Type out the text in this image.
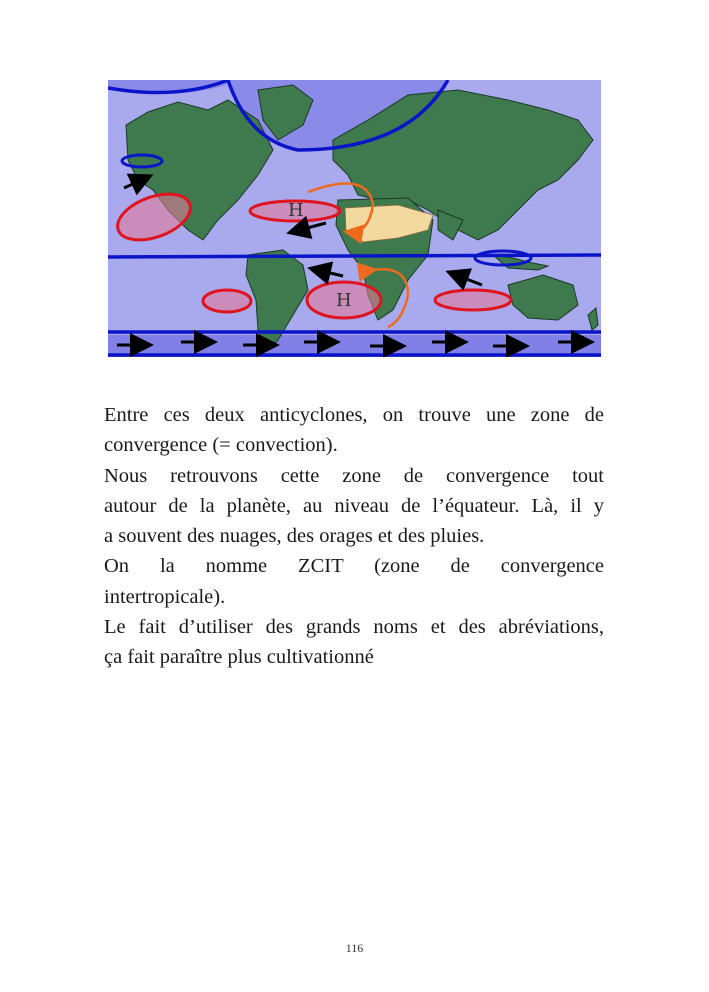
H
H
Entre ces deux anticyclones, on trouve une zone de
convergence (= convection).
Nous retrouvons cette zone de convergence tout
autour de la planète, au niveau de l’équateur. Là, il y
a souvent des nuages, des orages et des pluies.
On la nomme ZCIT (zone de convergence
intertropicale).
Le fait d’utiliser des grands noms et des abréviations,
ça fait paraître plus cultivationné
116
